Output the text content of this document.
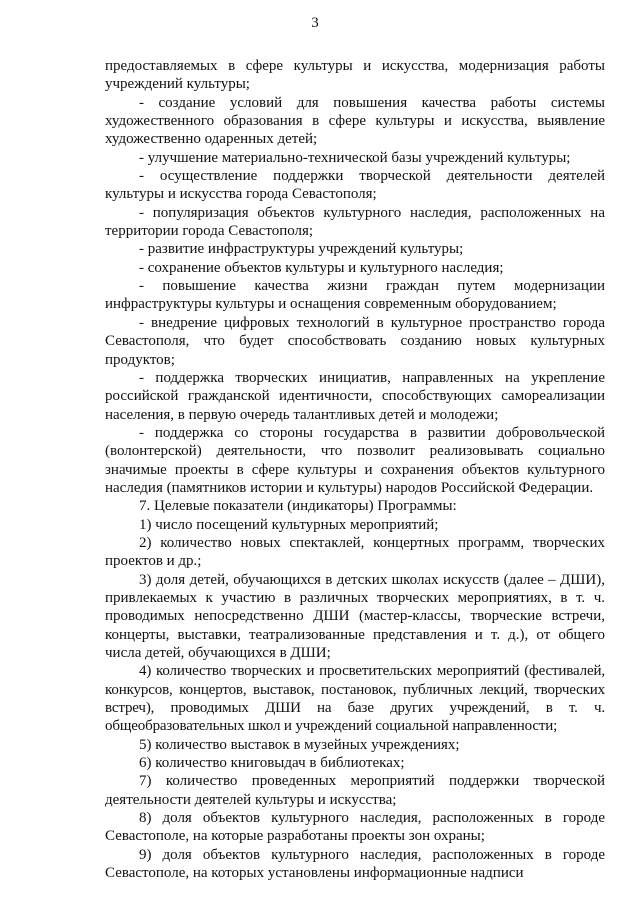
3

предоставляемых в сфере культуры и искусства, модернизация работы учреждений культуры;

- создание условий для повышения качества работы системы художественного образования в сфере культуры и искусства, выявление художественно одаренных детей;

- улучшение материально-технической базы учреждений культуры;

- осуществление поддержки творческой деятельности деятелей культуры и искусства города Севастополя;

- популяризация объектов культурного наследия, расположенных на территории города Севастополя;

- развитие инфраструктуры учреждений культуры;

- сохранение объектов культуры и культурного наследия;

- повышение качества жизни граждан путем модернизации инфраструктуры культуры и оснащения современным оборудованием;

- внедрение цифровых технологий в культурное пространство города Севастополя, что будет способствовать созданию новых культурных продуктов;

- поддержка творческих инициатив, направленных на укрепление российской гражданской идентичности, способствующих самореализации населения, в первую очередь талантливых детей и молодежи;

- поддержка со стороны государства в развитии добровольческой (волонтерской) деятельности, что позволит реализовывать социально значимые проекты в сфере культуры и сохранения объектов культурного наследия (памятников истории и культуры) народов Российской Федерации.

7. Целевые показатели (индикаторы) Программы:

1) число посещений культурных мероприятий;

2) количество новых спектаклей, концертных программ, творческих проектов и др.;

3) доля детей, обучающихся в детских школах искусств (далее – ДШИ), привлекаемых к участию в различных творческих мероприятиях, в т. ч. проводимых непосредственно ДШИ (мастер-классы, творческие встречи, концерты, выставки, театрализованные представления и т. д.), от общего числа детей, обучающихся в ДШИ;

4) количество творческих и просветительских мероприятий (фестивалей, конкурсов, концертов, выставок, постановок, публичных лекций, творческих встреч), проводимых ДШИ на базе других учреждений, в т. ч. общеобразовательных школ и учреждений социальной направленности;

5) количество выставок в музейных учреждениях;

6) количество книговыдач в библиотеках;

7) количество проведенных мероприятий поддержки творческой деятельности деятелей культуры и искусства;

8) доля объектов культурного наследия, расположенных в городе Севастополе, на которые разработаны проекты зон охраны;

9) доля объектов культурного наследия, расположенных в городе Севастополе, на которых установлены информационные надписи
